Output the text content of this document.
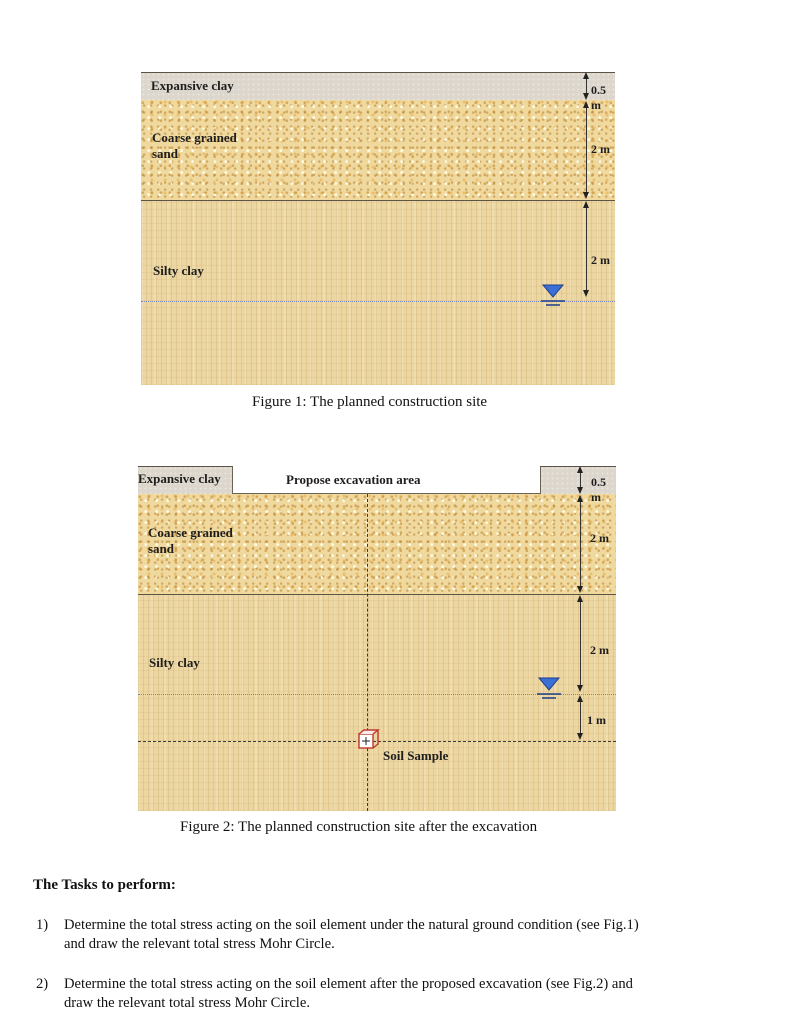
Expansive clay
Coarse grained
sand
Silty clay
0.5 m
2 m
2 m
Figure 1: The planned construction site
Expansive clay	Propose excavation area
Coarse grained
sand
Silty clay
0.5 m
2 m
2 m
1 m
Soil Sample
Figure 2: The planned construction site after the excavation
The Tasks to perform:
1) Determine the total stress acting on the soil element under the natural ground condition (see Fig.1)
and draw the relevant total stress Mohr Circle.
2) Determine the total stress acting on the soil element after the proposed excavation (see Fig.2) and
draw the relevant total stress Mohr Circle.
